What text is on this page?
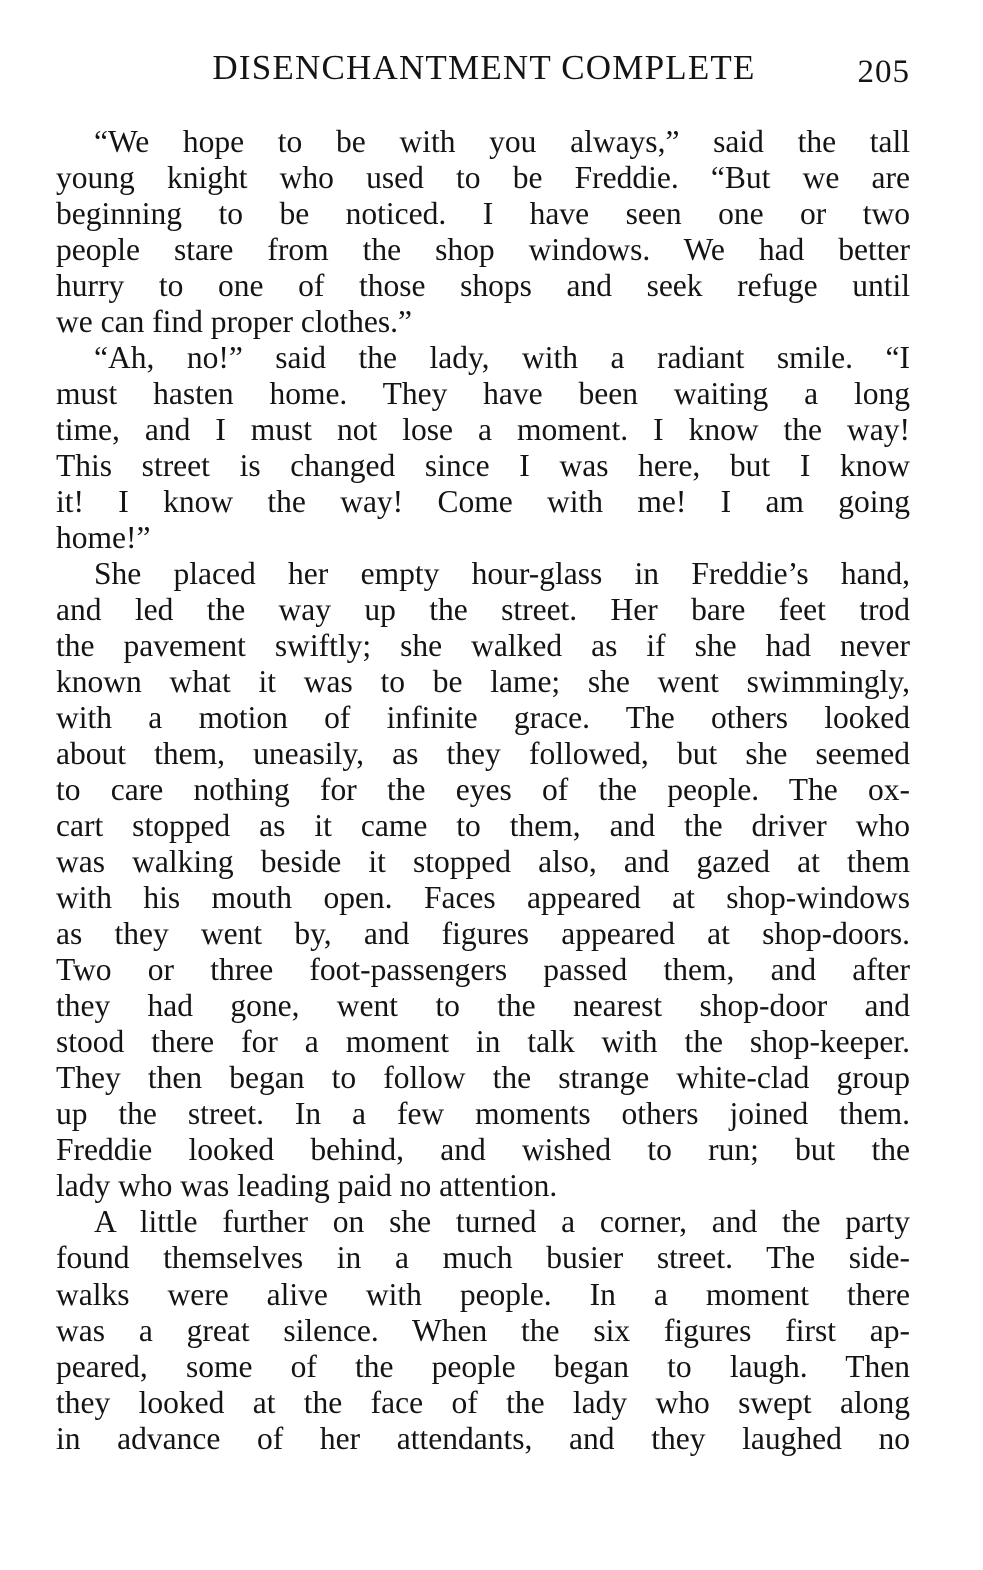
DISENCHANTMENT COMPLETE	205
“We hope to be with you always,” said the tall
young knight who used to be Freddie. “But we are
beginning to be noticed. I have seen one or two
people stare from the shop windows. We had better
hurry to one of those shops and seek refuge until
we can find proper clothes.”
“Ah, no!” said the lady, with a radiant smile. “I
must hasten home. They have been waiting a long
time, and I must not lose a moment. I know the way!
This street is changed since I was here, but I know
it! I know the way! Come with me! I am going
home!”
She placed her empty hour-glass in Freddie’s hand,
and led the way up the street. Her bare feet trod
the pavement swiftly; she walked as if she had never
known what it was to be lame; she went swimmingly,
with a motion of infinite grace. The others looked
about them, uneasily, as they followed, but she seemed
to care nothing for the eyes of the people. The ox-
cart stopped as it came to them, and the driver who
was walking beside it stopped also, and gazed at them
with his mouth open. Faces appeared at shop-windows
as they went by, and figures appeared at shop-doors.
Two or three foot-passengers passed them, and after
they had gone, went to the nearest shop-door and
stood there for a moment in talk with the shop-keeper.
They then began to follow the strange white-clad group
up the street. In a few moments others joined them.
Freddie looked behind, and wished to run; but the
lady who was leading paid no attention.
A little further on she turned a corner, and the party
found themselves in a much busier street. The side-
walks were alive with people. In a moment there
was a great silence. When the six figures first ap-
peared, some of the people began to laugh. Then
they looked at the face of the lady who swept along
in advance of her attendants, and they laughed no
